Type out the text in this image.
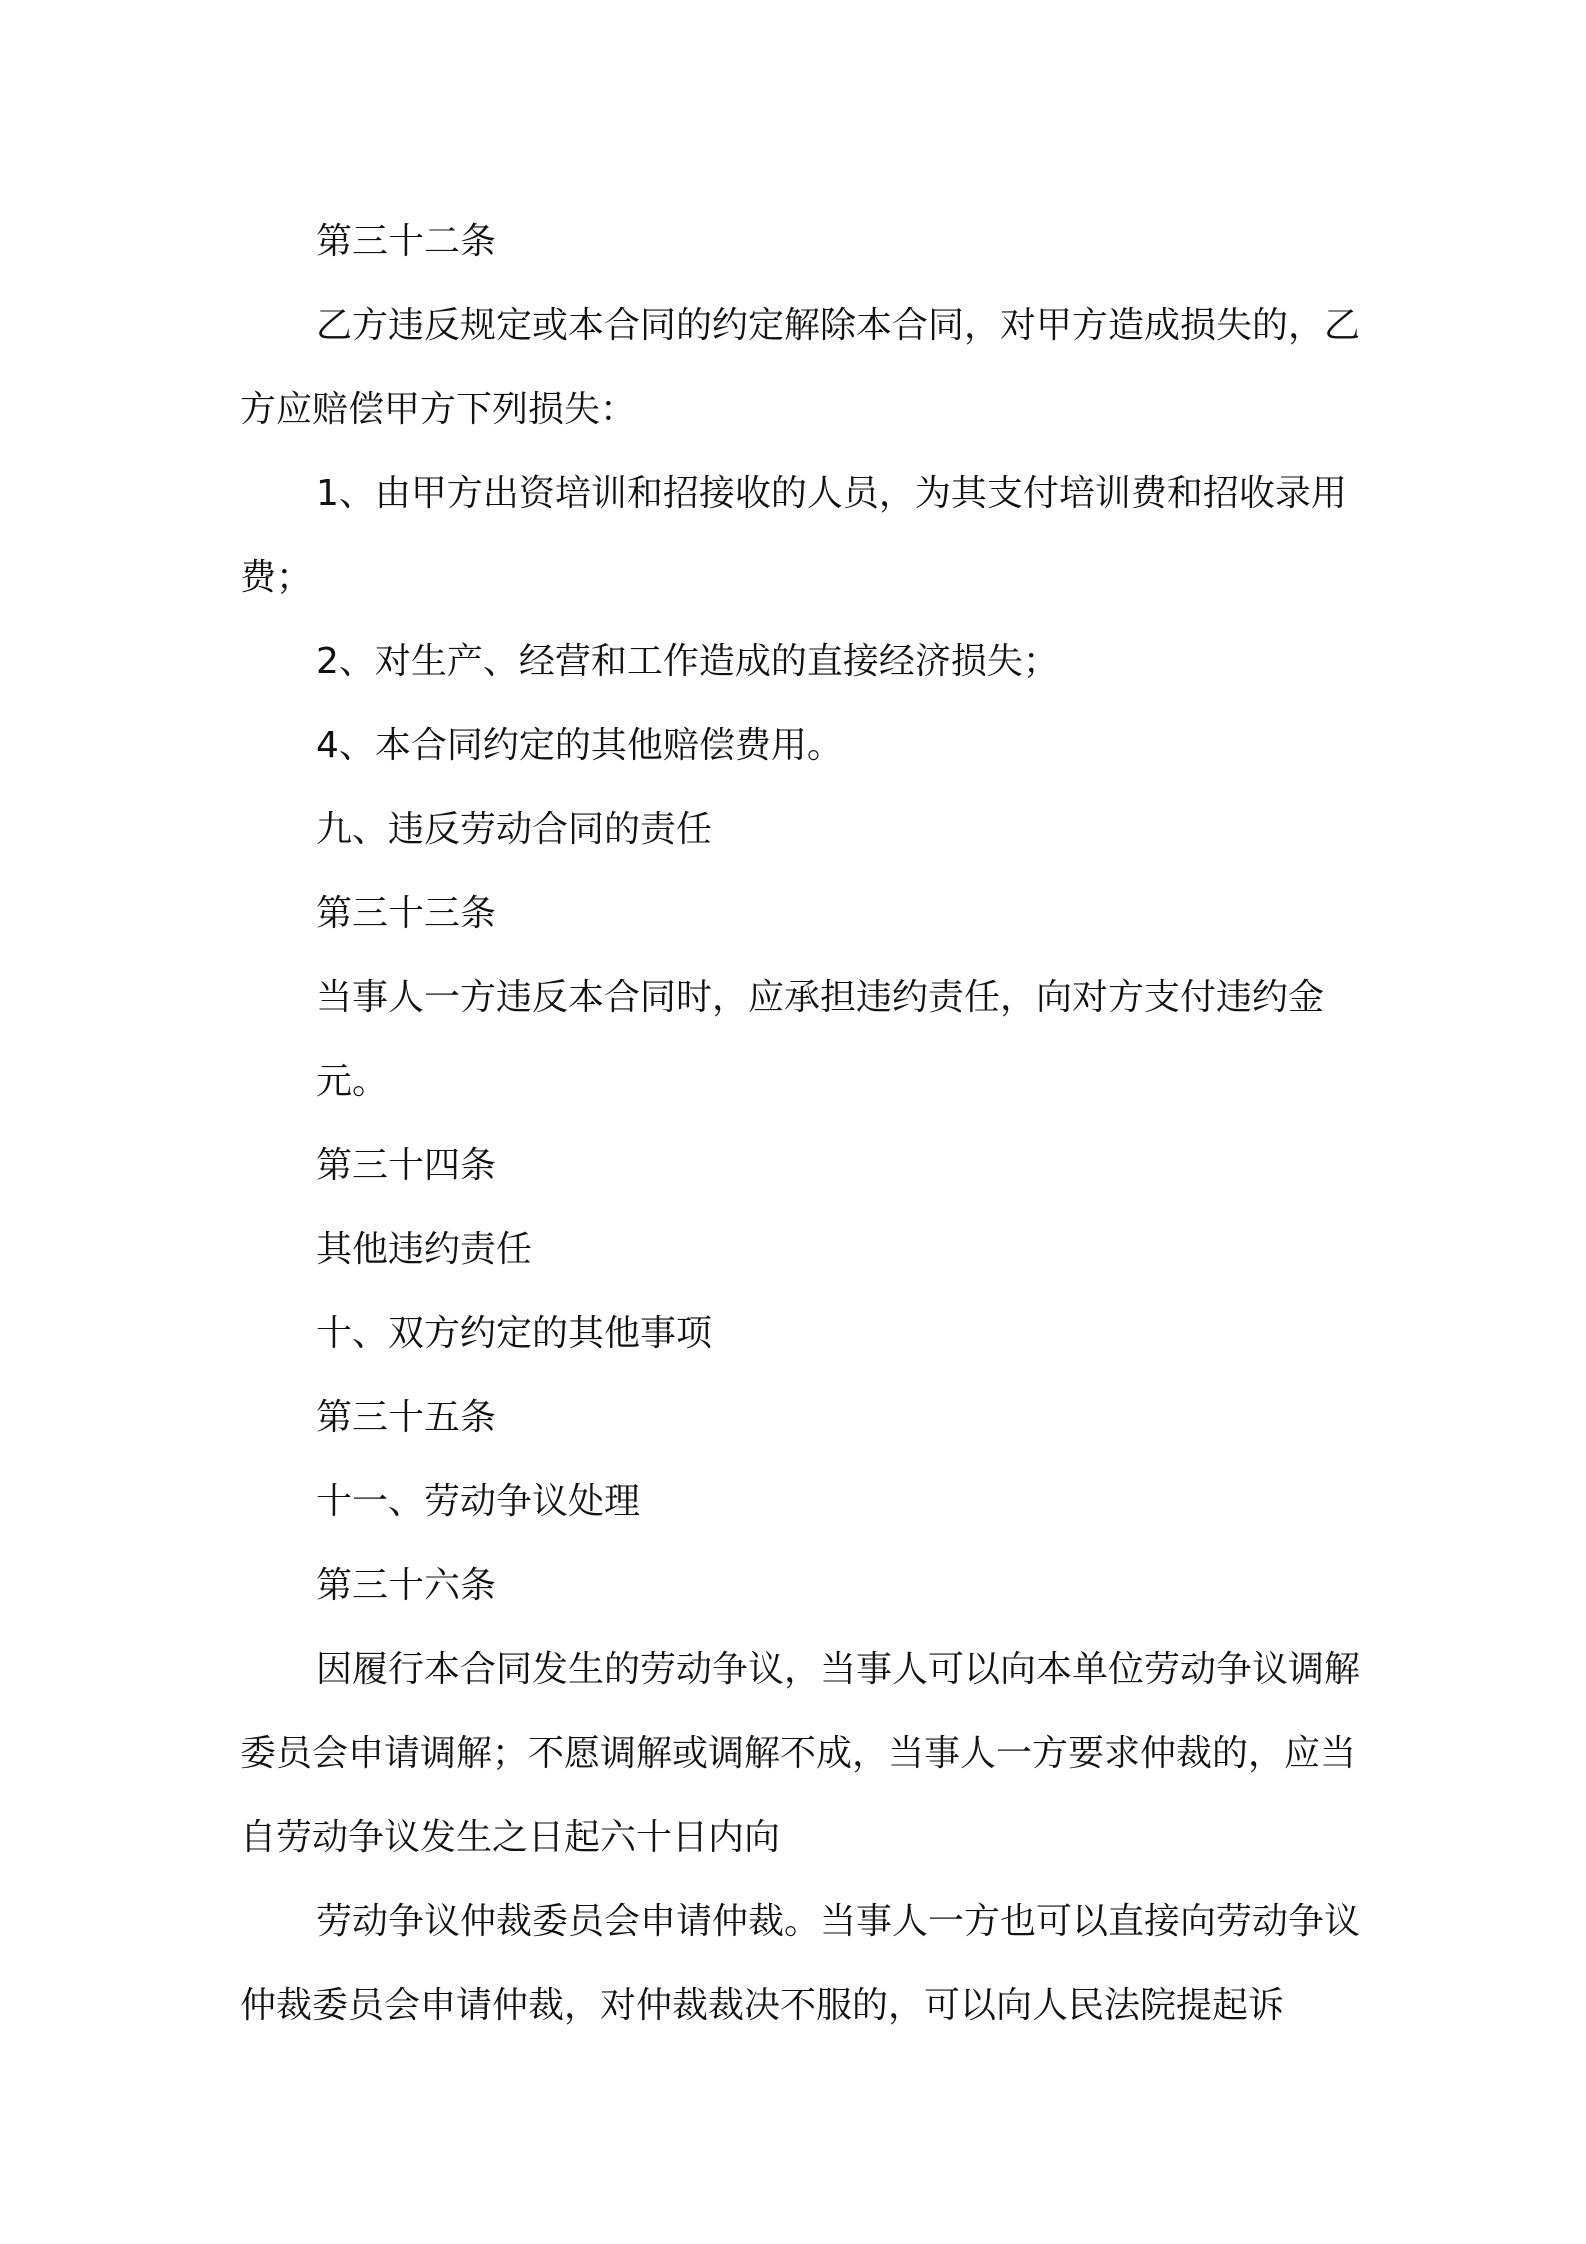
第三十二条

乙方违反规定或本合同的约定解除本合同，对甲方造成损失的，乙方应赔偿甲方下列损失：

1、由甲方出资培训和招接收的人员，为其支付培训费和招收录用费；

2、对生产、经营和工作造成的直接经济损失；

4、本合同约定的其他赔偿费用。

九、违反劳动合同的责任

第三十三条

当事人一方违反本合同时，应承担违约责任，向对方支付违约金

元。

第三十四条

其他违约责任

十、双方约定的其他事项

第三十五条

十一、劳动争议处理

第三十六条

因履行本合同发生的劳动争议，当事人可以向本单位劳动争议调解委员会申请调解；不愿调解或调解不成，当事人一方要求仲裁的，应当自劳动争议发生之日起六十日内向

劳动争议仲裁委员会申请仲裁。当事人一方也可以直接向劳动争议仲裁委员会申请仲裁，对仲裁裁决不服的，可以向人民法院提起诉
